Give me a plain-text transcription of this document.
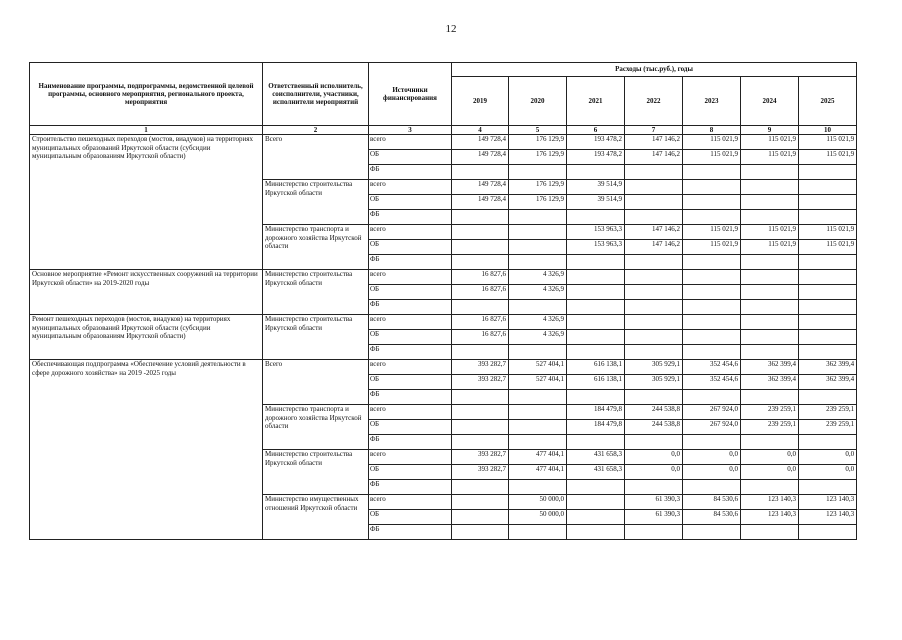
12
Наименование программы, подпрограммы, ведомственной целевой программы, основного мероприятия, регионального проекта, мероприятия	Ответственный исполнитель, соисполнители, участники, исполнители мероприятий	Источники финансирования	Расходы (тыс.руб.), годы						
			2019	2020	2021	2022	2023	2024	2025
1	2	3	4	5	6	7	8	9	10
Строительство пешеходных переходов (мостов, виадуков) на территориях муниципальных образований Иркутской области (субсидии муниципальным образованиям Иркутской области)	Всего	всего	149 728,4	176 129,9	193 478,2	147 146,2	115 021,9	115 021,9	115 021,9
		ОБ	149 728,4	176 129,9	193 478,2	147 146,2	115 021,9	115 021,9	115 021,9
		ФБ							
	Министерство строительства Иркутской области	всего	149 728,4	176 129,9	39 514,9				
		ОБ	149 728,4	176 129,9	39 514,9				
		ФБ							
	Министерство транспорта и дорожного хозяйства Иркутской области	всего			153 963,3	147 146,2	115 021,9	115 021,9	115 021,9
		ОБ			153 963,3	147 146,2	115 021,9	115 021,9	115 021,9
		ФБ							
Основное мероприятие «Ремонт искусственных сооружений на территории Иркутской области» на 2019-2020 годы	Министерство строительства Иркутской области	всего	16 827,6	4 326,9					
		ОБ	16 827,6	4 326,9					
		ФБ							
Ремонт пешеходных переходов (мостов, виадуков) на территориях муниципальных образований Иркутской области (субсидии муниципальным образованиям Иркутской области)	Министерство строительства Иркутской области	всего	16 827,6	4 326,9					
		ОБ	16 827,6	4 326,9					
		ФБ							
Обеспечивающая подпрограмма «Обеспечение условий деятельности в сфере дорожного хозяйства» на 2019 -2025 годы	Всего	всего	393 282,7	527 404,1	616 138,1	305 929,1	352 454,6	362 399,4	362 399,4
		ОБ	393 282,7	527 404,1	616 138,1	305 929,1	352 454,6	362 399,4	362 399,4
		ФБ							
	Министерство транспорта и дорожного хозяйства Иркутской области	всего			184 479,8	244 538,8	267 924,0	239 259,1	239 259,1
		ОБ			184 479,8	244 538,8	267 924,0	239 259,1	239 259,1
		ФБ							
	Министерство строительства Иркутской области	всего	393 282,7	477 404,1	431 658,3	0,0	0,0	0,0	0,0
		ОБ	393 282,7	477 404,1	431 658,3	0,0	0,0	0,0	0,0
		ФБ							
	Министерство имущественных отношений Иркутской области	всего		50 000,0		61 390,3	84 530,6	123 140,3	123 140,3
		ОБ		50 000,0		61 390,3	84 530,6	123 140,3	123 140,3
		ФБ							
